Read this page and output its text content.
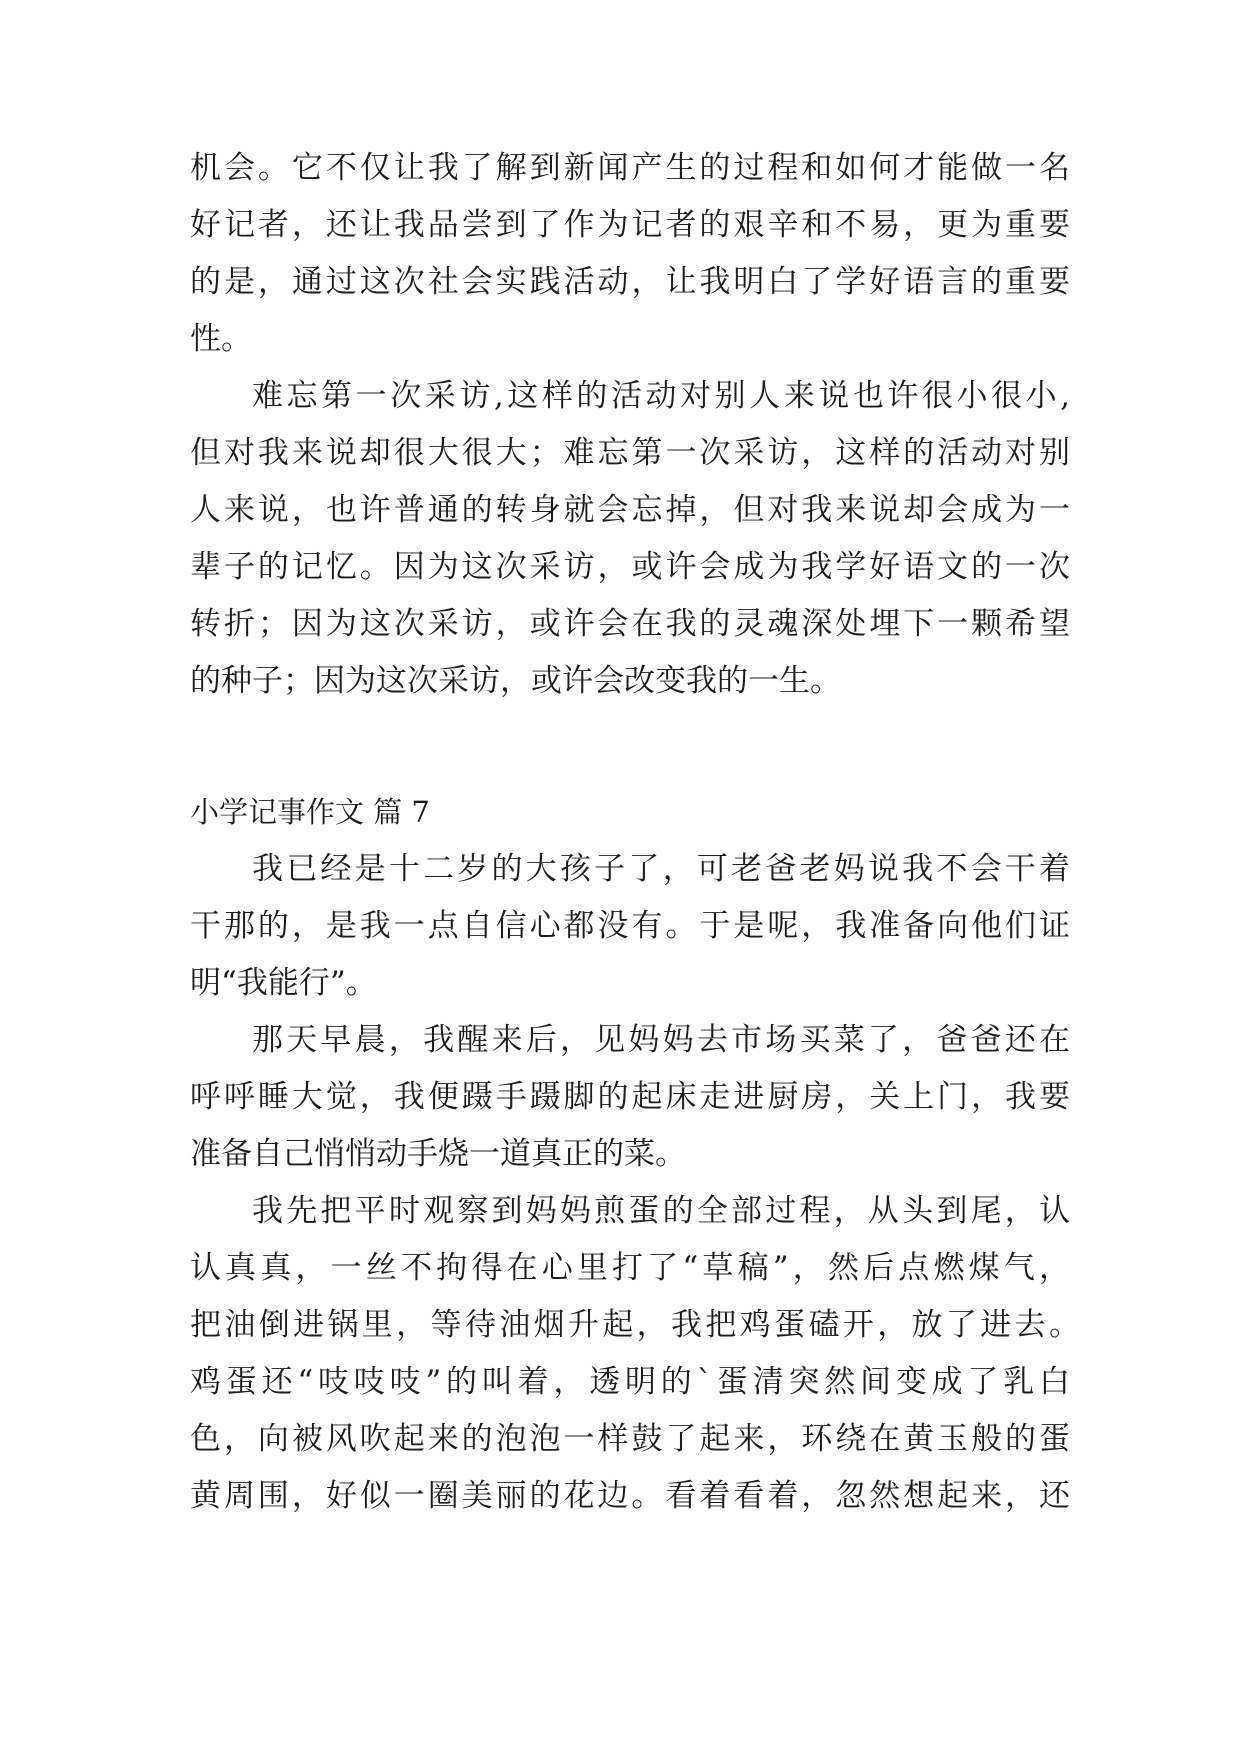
机会。它不仅让我了解到新闻产生的过程和如何才能做一名
好记者，还让我品尝到了作为记者的艰辛和不易，更为重要
的是，通过这次社会实践活动，让我明白了学好语言的重要
性。
难忘第一次采访,这样的活动对别人来说也许很小很小,
但对我来说却很大很大；难忘第一次采访，这样的活动对别
人来说，也许普通的转身就会忘掉，但对我来说却会成为一
辈子的记忆。因为这次采访，或许会成为我学好语文的一次
转折；因为这次采访，或许会在我的灵魂深处埋下一颗希望
的种子；因为这次采访，或许会改变我的一生。
小学记事作文 篇 7
我已经是十二岁的大孩子了，可老爸老妈说我不会干着
干那的，是我一点自信心都没有。于是呢，我准备向他们证
明“我能行”。
那天早晨，我醒来后，见妈妈去市场买菜了，爸爸还在
呼呼睡大觉，我便蹑手蹑脚的起床走进厨房，关上门，我要
准备自己悄悄动手烧一道真正的菜。
我先把平时观察到妈妈煎蛋的全部过程，从头到尾，认
认真真，一丝不拘得在心里打了“草稿”，然后点燃煤气，
把油倒进锅里，等待油烟升起，我把鸡蛋磕开，放了进去。
鸡蛋还“吱吱吱”的叫着，透明的`蛋清突然间变成了乳白
色，向被风吹起来的泡泡一样鼓了起来，环绕在黄玉般的蛋
黄周围，好似一圈美丽的花边。看着看着，忽然想起来，还
